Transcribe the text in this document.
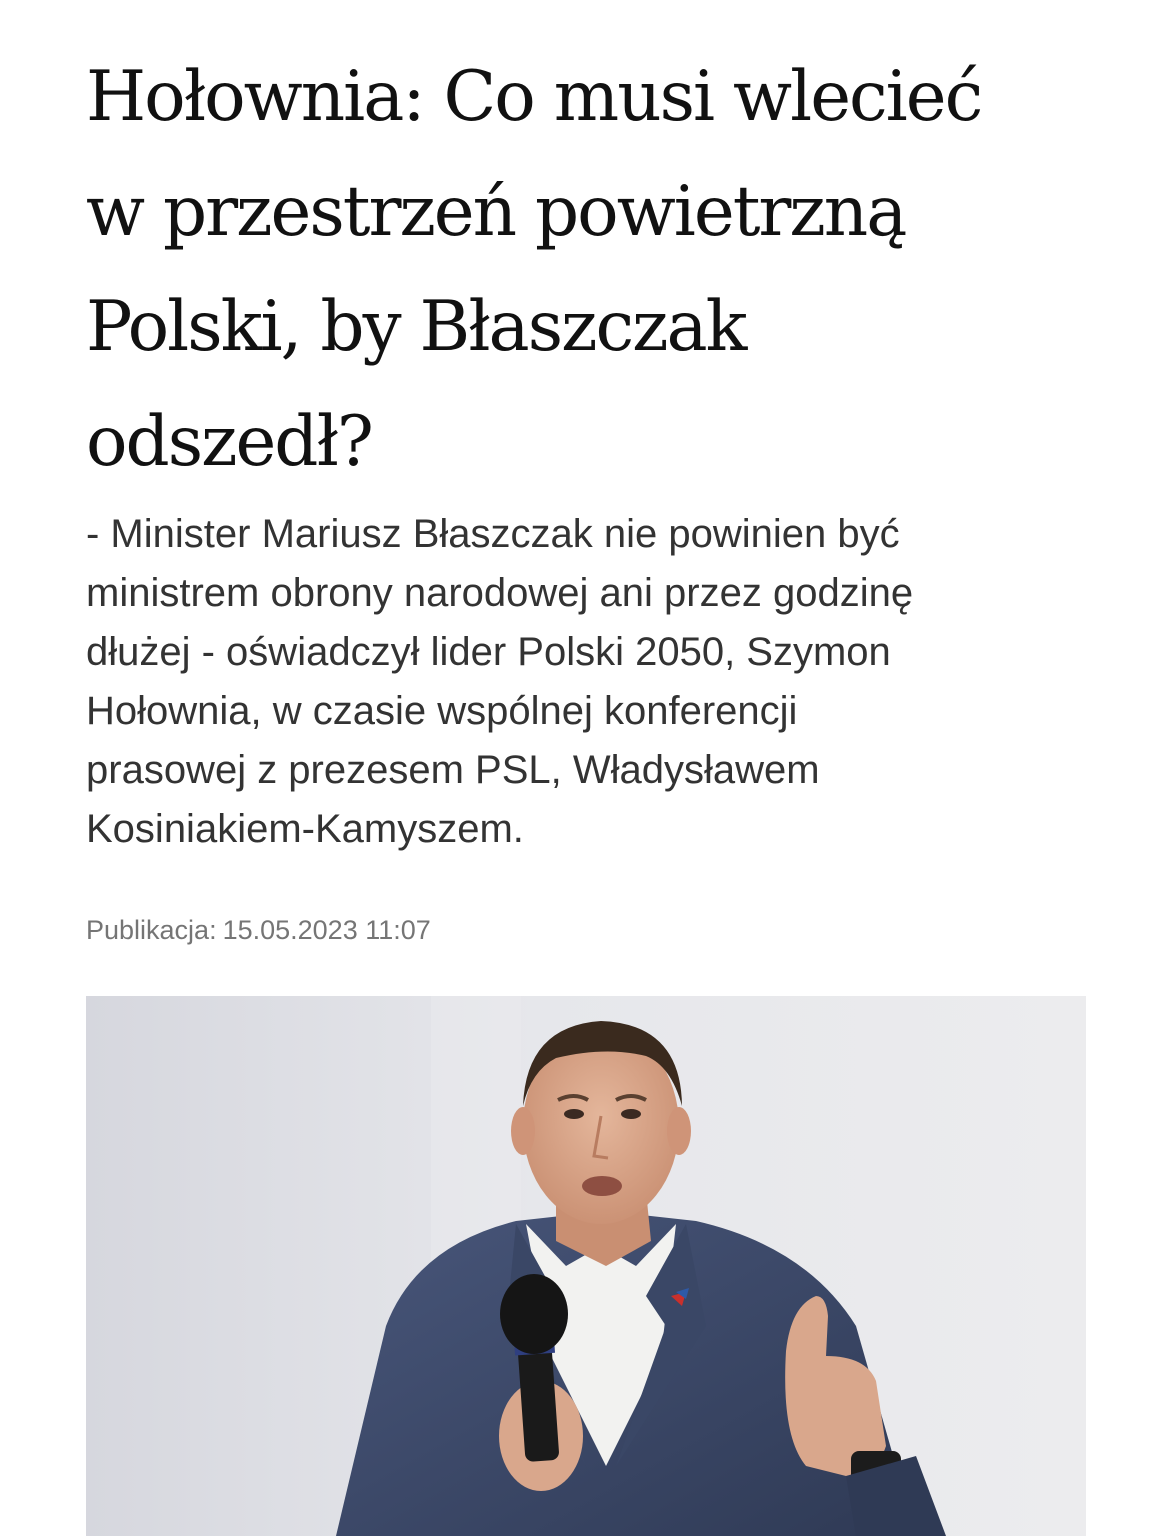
Hołownia: Co musi wlecieć
w przestrzeń powietrzną
Polski, by Błaszczak
odszedł?
- Minister Mariusz Błaszczak nie powinien być
ministrem obrony narodowej ani przez godzinę
dłużej - oświadczył lider Polski 2050, Szymon
Hołownia, w czasie wspólnej konferencji
prasowej z prezesem PSL, Władysławem
Kosiniakiem-Kamyszem.
Publikacja: 15.05.2023 11:07
